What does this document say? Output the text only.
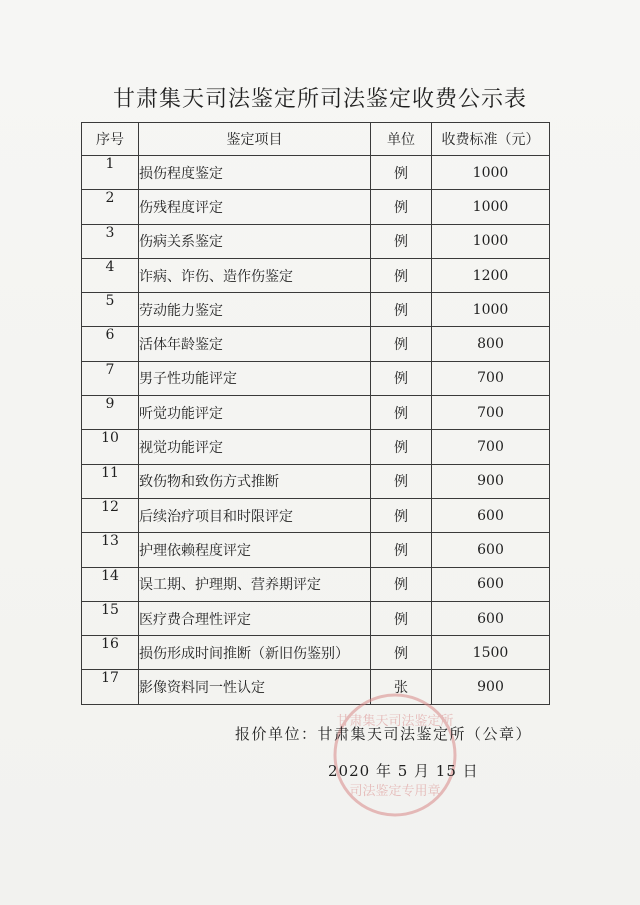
甘肃集天司法鉴定所司法鉴定收费公示表
序号	鉴定项目	单位	收费标准（元）
1	损伤程度鉴定	例	1000
2	伤残程度评定	例	1000
3	伤病关系鉴定	例	1000
4	诈病、诈伤、造作伤鉴定	例	1200
5	劳动能力鉴定	例	1000
6	活体年龄鉴定	例	800
7	男子性功能评定	例	700
9	听觉功能评定	例	700
10	视觉功能评定	例	700
11	致伤物和致伤方式推断	例	900
12	后续治疗项目和时限评定	例	600
13	护理依赖程度评定	例	600
14	误工期、护理期、营养期评定	例	600
15	医疗费合理性评定	例	600
16	损伤形成时间推断（新旧伤鉴别）	例	1500
17	影像资料同一性认定	张	900
甘肃集天司法鉴定所
司法鉴定专用章
报价单位：甘肃集天司法鉴定所（公章）
2020 年 5 月 15 日
